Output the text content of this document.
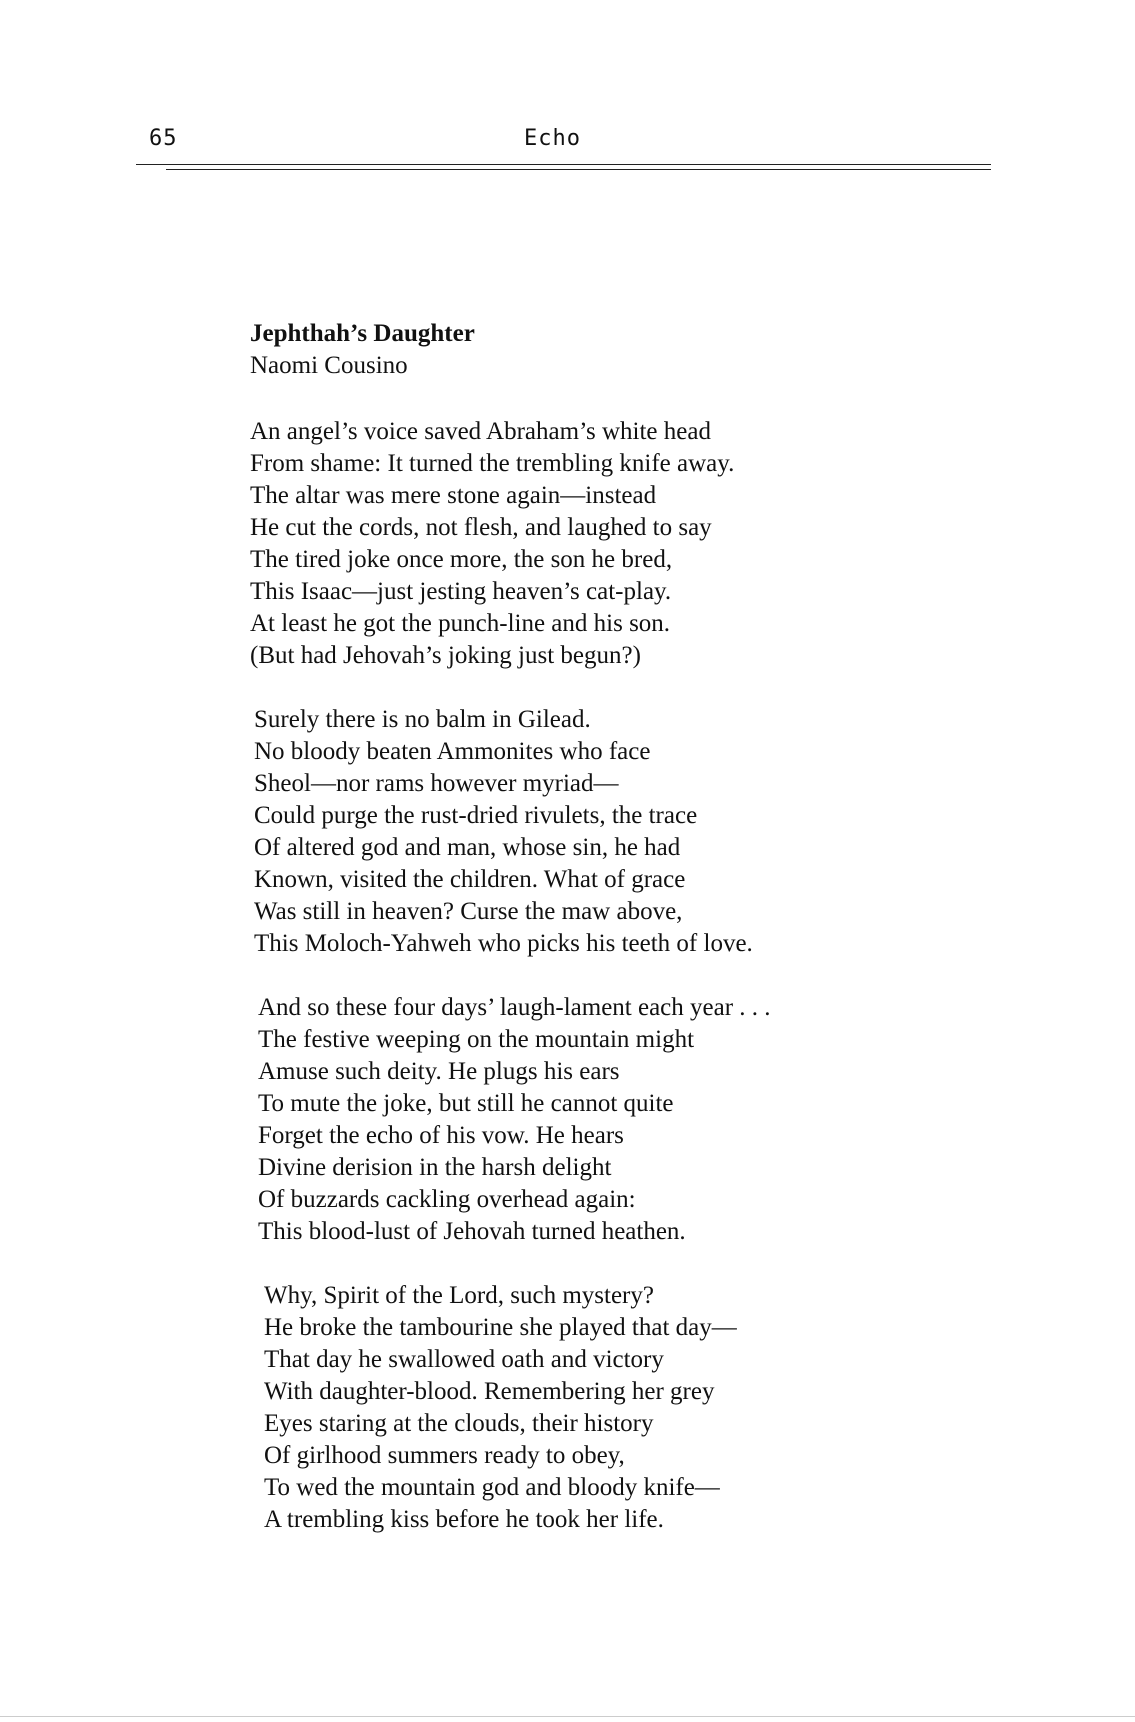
65	Echo

Jephthah’s Daughter

Naomi Cousino

An angel’s voice saved Abraham’s white head

From shame: It turned the trembling knife away.

The altar was mere stone again—instead

He cut the cords, not flesh, and laughed to say

The tired joke once more, the son he bred,

This Isaac—just jesting heaven’s cat-play.

At least he got the punch-line and his son.

(But had Jehovah’s joking just begun?)

Surely there is no balm in Gilead.

No bloody beaten Ammonites who face

Sheol—nor rams however myriad—

Could purge the rust-dried rivulets, the trace

Of altered god and man, whose sin, he had

Known, visited the children. What of grace

Was still in heaven? Curse the maw above,

This Moloch-Yahweh who picks his teeth of love.

And so these four days’ laugh-lament each year . . .

The festive weeping on the mountain might

Amuse such deity. He plugs his ears

To mute the joke, but still he cannot quite

Forget the echo of his vow. He hears

Divine derision in the harsh delight

Of buzzards cackling overhead again:

This blood-lust of Jehovah turned heathen.

Why, Spirit of the Lord, such mystery?

He broke the tambourine she played that day—

That day he swallowed oath and victory

With daughter-blood. Remembering her grey

Eyes staring at the clouds, their history

Of girlhood summers ready to obey,

To wed the mountain god and bloody knife—

A trembling kiss before he took her life.
